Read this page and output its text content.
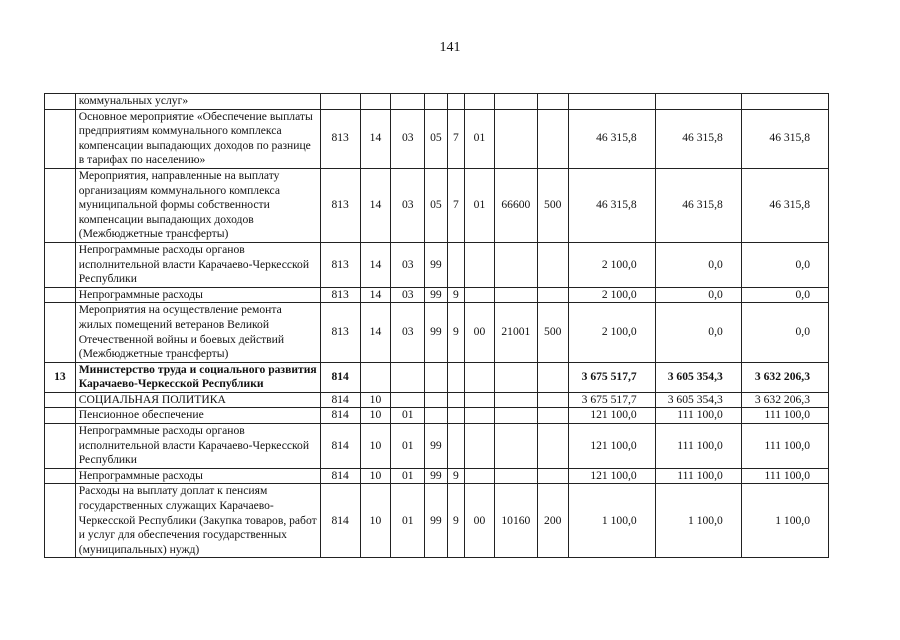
141
	коммунальных услуг»											
	Основное мероприятие «Обеспечение выплаты предприятиям коммунального комплекса компенсации выпадающих доходов по разнице в тарифах по населению»	813	14	03	05	7	01			46 315,8	46 315,8	46 315,8
	Мероприятия, направленные на выплату организациям коммунального комплекса муниципальной формы собственности компенсации выпадающих доходов (Межбюджетные трансферты)	813	14	03	05	7	01	66600	500	46 315,8	46 315,8	46 315,8
	Непрограммные расходы органов исполнительной власти Карачаево-Черкесской Республики	813	14	03	99					2 100,0	0,0	0,0
	Непрограммные расходы	813	14	03	99	9				2 100,0	0,0	0,0
	Мероприятия на осуществление ремонта жилых помещений ветеранов Великой Отечественной войны и боевых действий (Межбюджетные трансферты)	813	14	03	99	9	00	21001	500	2 100,0	0,0	0,0
13	Министерство труда и социального развития Карачаево-Черкесской Республики	814								3 675 517,7	3 605 354,3	3 632 206,3
	СОЦИАЛЬНАЯ ПОЛИТИКА	814	10							3 675 517,7	3 605 354,3	3 632 206,3
	Пенсионное обеспечение	814	10	01						121 100,0	111 100,0	111 100,0
	Непрограммные расходы органов исполнительной власти Карачаево-Черкесской Республики	814	10	01	99					121 100,0	111 100,0	111 100,0
	Непрограммные расходы	814	10	01	99	9				121 100,0	111 100,0	111 100,0
	Расходы на выплату доплат к пенсиям государственных служащих Карачаево-Черкесской Республики (Закупка товаров, работ и услуг для обеспечения государственных (муниципальных) нужд)	814	10	01	99	9	00	10160	200	1 100,0	1 100,0	1 100,0
